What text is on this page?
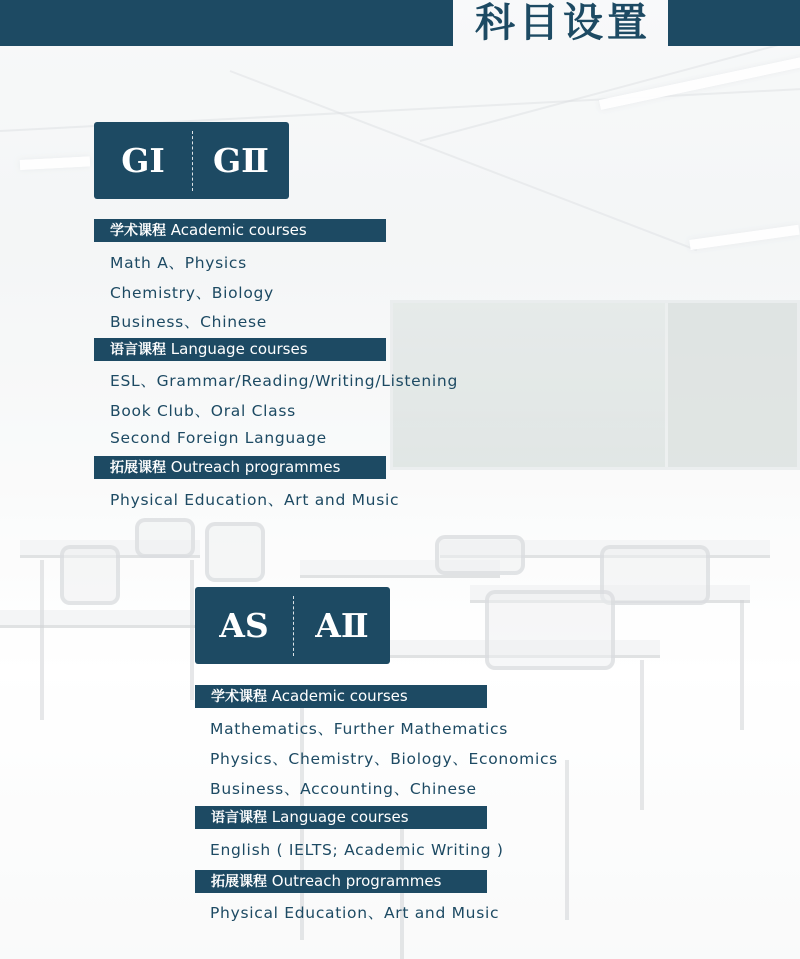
科目设置
GⅠ	GⅡ
学术课程 Academic courses
Math A、Physics
Chemistry、Biology
Business、Chinese
语言课程 Language courses
ESL、Grammar/Reading/Writing/Listening
Book Club、Oral Class
Second Foreign Language
拓展课程 Outreach programmes
Physical Education、Art and Music
AS	AⅡ
学术课程 Academic courses
Mathematics、Further Mathematics
Physics、Chemistry、Biology、Economics
Business、Accounting、Chinese
语言课程 Language courses
English ( IELTS; Academic Writing )
拓展课程 Outreach programmes
Physical Education、Art and Music
